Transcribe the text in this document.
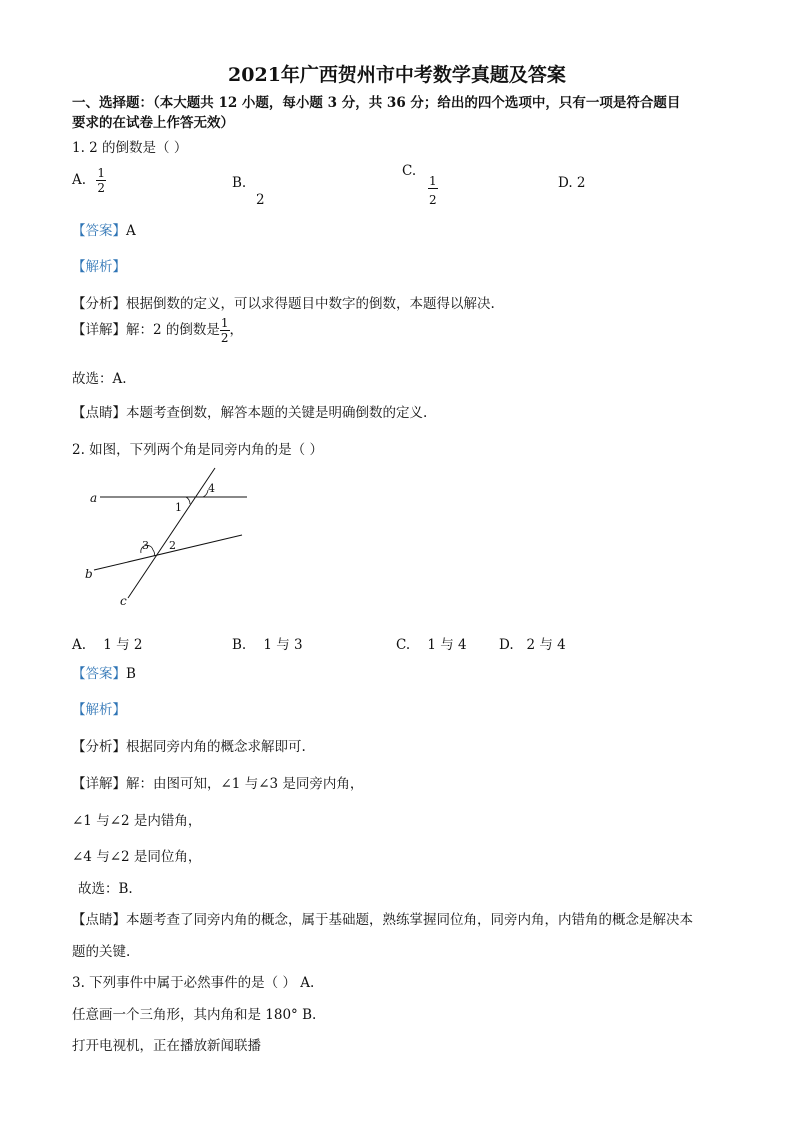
2021年广西贺州市中考数学真题及答案
一、选择题：（本大题共 12 小题，每小题 3 分，共 36 分；给出的四个选项中，只有一项是符合题目
要求的在试卷上作答无效）
1. 2 的倒数是（ ）
A. $\frac{1}{2}$	B.
2
C.
$\frac{1}{2}$	D. 2
【答案】A
【解析】
【分析】根据倒数的定义，可以求得题目中数字的倒数，本题得以解决.
【详解】解：2 的倒数是 $\frac{1}{2}$ ，
故选：A.
【点睛】本题考查倒数，解答本题的关键是明确倒数的定义.
2. 如图，下列两个角是同旁内角的是（ ）
a
b
c
1
2
3
4
A. 1 与 2	B. 1 与 3	C. 1 与 4 D. 2 与 4
【答案】B
【解析】
【分析】根据同旁内角的概念求解即可.
【详解】解：由图可知，∠1 与∠3 是同旁内角，
∠1 与∠2 是内错角，
∠4 与∠2 是同位角，
故选：B.
【点睛】本题考查了同旁内角的概念，属于基础题，熟练掌握同位角，同旁内角，内错角的概念是解决本
题的关键.
3. 下列事件中属于必然事件的是（ ） A.
任意画一个三角形，其内角和是 180° B.
打开电视机，正在播放新闻联播
